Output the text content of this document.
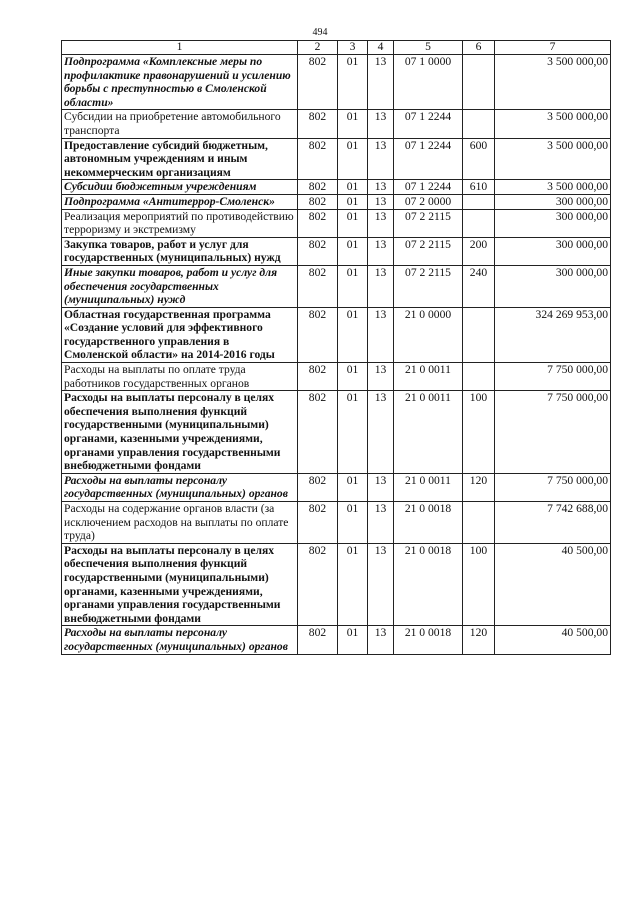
494
1	2	3	4	5	6	7
Подпрограмма «Комплексные меры по профилактике правонарушений и усилению борьбы с преступностью в Смоленской области»	802	01	13	07 1 0000		3 500 000,00
Субсидии на приобретение автомобильного транспорта	802	01	13	07 1 2244		3 500 000,00
Предоставление субсидий бюджетным, автономным учреждениям и иным некоммерческим организациям	802	01	13	07 1 2244	600	3 500 000,00
Субсидии бюджетным учреждениям	802	01	13	07 1 2244	610	3 500 000,00
Подпрограмма «Антитеррор-Смоленск»	802	01	13	07 2 0000		300 000,00
Реализация мероприятий по противодействию терроризму и экстремизму	802	01	13	07 2 2115		300 000,00
Закупка товаров, работ и услуг для государственных (муниципальных) нужд	802	01	13	07 2 2115	200	300 000,00
Иные закупки товаров, работ и услуг для обеспечения государственных (муниципальных) нужд	802	01	13	07 2 2115	240	300 000,00
Областная государственная программа «Создание условий для эффективного государственного управления в Смоленской области» на 2014-2016 годы	802	01	13	21 0 0000		324 269 953,00
Расходы на выплаты по оплате труда работников государственных органов	802	01	13	21 0 0011		7 750 000,00
Расходы на выплаты персоналу в целях обеспечения выполнения функций государственными (муниципальными) органами, казенными учреждениями, органами управления государственными внебюджетными фондами	802	01	13	21 0 0011	100	7 750 000,00
Расходы на выплаты персоналу государственных (муниципальных) органов	802	01	13	21 0 0011	120	7 750 000,00
Расходы на содержание органов власти (за исключением расходов на выплаты по оплате труда)	802	01	13	21 0 0018		7 742 688,00
Расходы на выплаты персоналу в целях обеспечения выполнения функций государственными (муниципальными) органами, казенными учреждениями, органами управления государственными внебюджетными фондами	802	01	13	21 0 0018	100	40 500,00
Расходы на выплаты персоналу государственных (муниципальных) органов	802	01	13	21 0 0018	120	40 500,00
